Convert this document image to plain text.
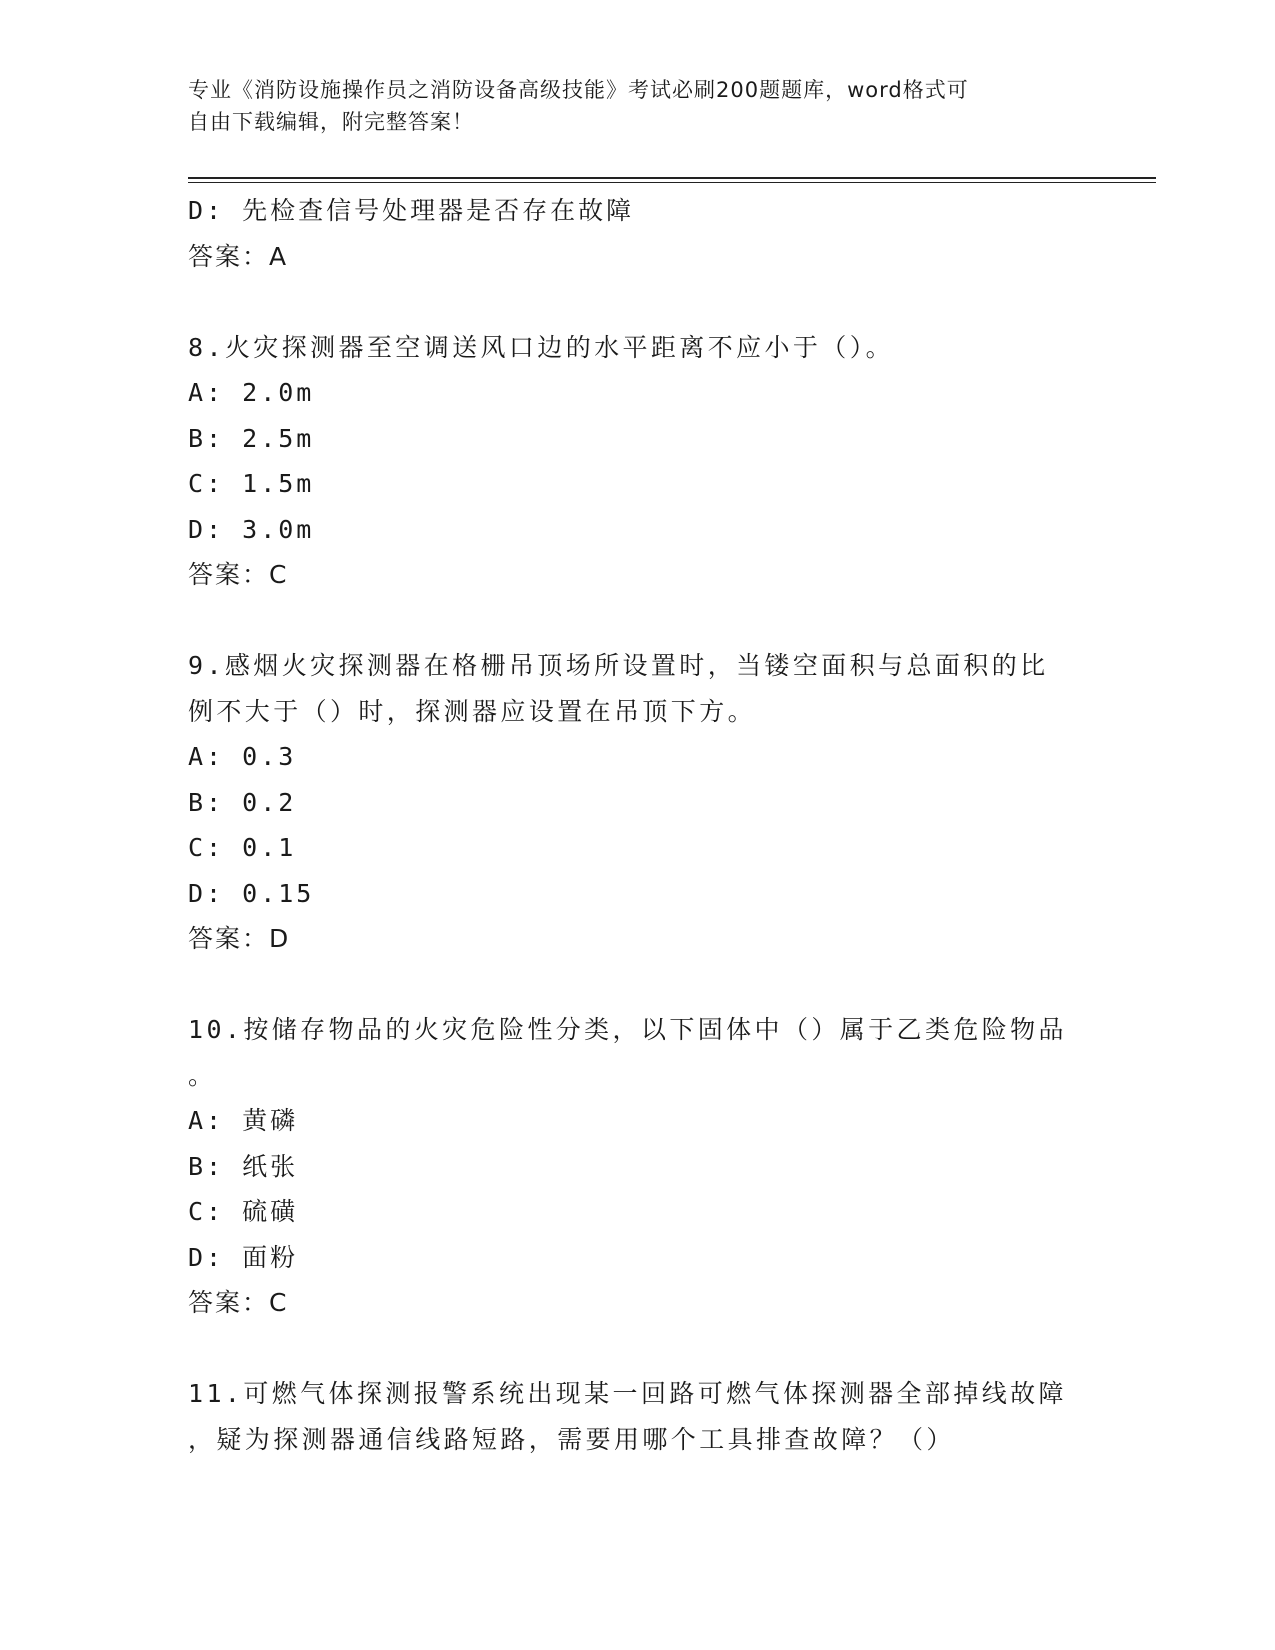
专业《消防设施操作员之消防设备高级技能》考试必刷200题题库，word格式可
自由下载编辑，附完整答案！
D: 先检查信号处理器是否存在故障
答案：A
8.火灾探测器至空调送风口边的水平距离不应小于（）。
A: 2.0m
B: 2.5m
C: 1.5m
D: 3.0m
答案：C
9.感烟火灾探测器在格栅吊顶场所设置时，当镂空面积与总面积的比
例不大于（）时，探测器应设置在吊顶下方。
A: 0.3
B: 0.2
C: 0.1
D: 0.15
答案：D
10.按储存物品的火灾危险性分类，以下固体中（）属于乙类危险物品
。
A: 黄磷
B: 纸张
C: 硫磺
D: 面粉
答案：C
11.可燃气体探测报警系统出现某一回路可燃气体探测器全部掉线故障
，疑为探测器通信线路短路，需要用哪个工具排查故障？（）
